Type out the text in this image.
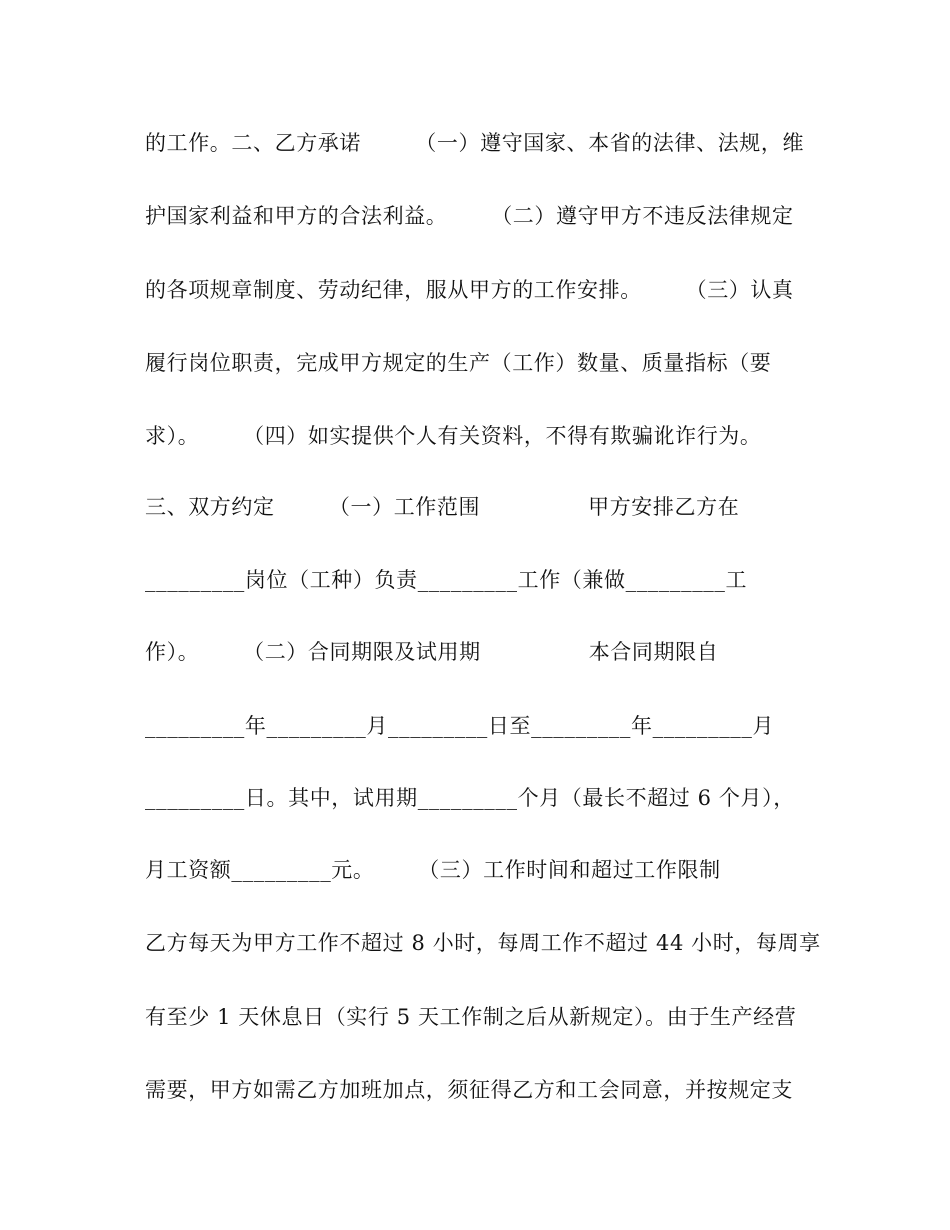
的工作。二、乙方承诺　　　（一）遵守国家、本省的法律、法规，维
护国家利益和甲方的合法利益。　　　（二）遵守甲方不违反法律规定
的各项规章制度、劳动纪律，服从甲方的工作安排。　　　（三）认真
履行岗位职责，完成甲方规定的生产（工作）数量、质量指标（要
求）。　　　（四）如实提供个人有关资料，不得有欺骗讹诈行为。
三、双方约定　　　（一）工作范围　　　　　甲方安排乙方在
_________岗位（工种）负责_________工作（兼做_________工
作）。　　　（二）合同期限及试用期　　　　　本合同期限自
_________年_________月_________日至_________年_________月
_________日。其中，试用期_________个月（最长不超过 6 个月），
月工资额_________元。　　　（三）工作时间和超过工作限制
乙方每天为甲方工作不超过 8 小时，每周工作不超过 44 小时，每周享
有至少 1 天休息日（实行 5 天工作制之后从新规定）。由于生产经营
需要，甲方如需乙方加班加点，须征得乙方和工会同意，并按规定支
